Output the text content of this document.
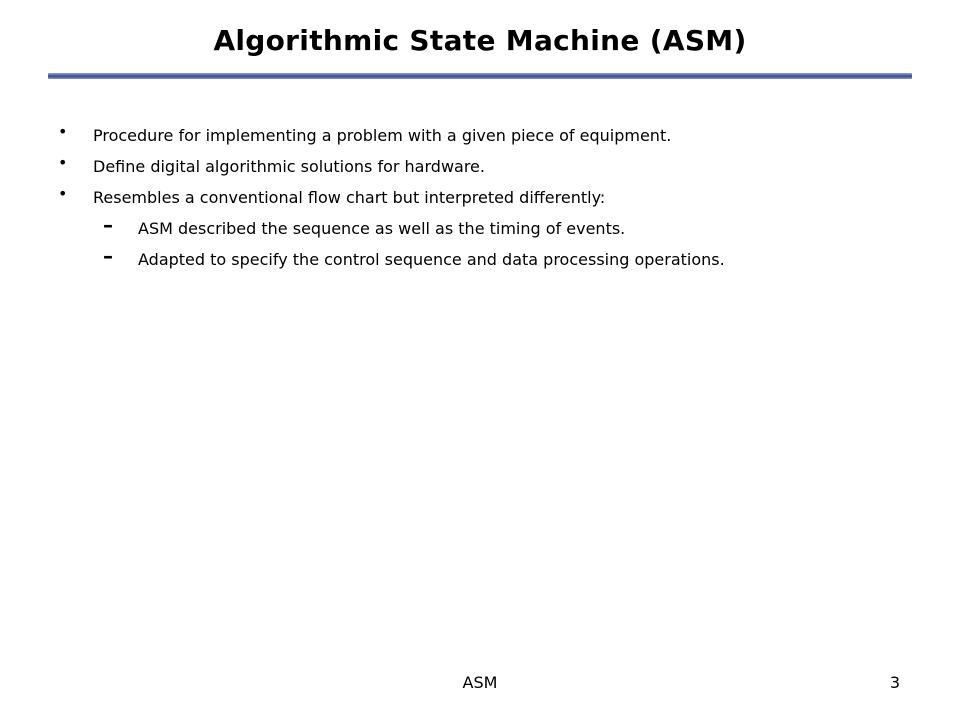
Algorithmic State Machine (ASM)
• Procedure for implementing a problem with a given piece of equipment.
• Define digital algorithmic solutions for hardware.
• Resembles a conventional flow chart but interpreted differently:
– ASM described the sequence as well as the timing of events.
– Adapted to specify the control sequence and data processing operations.
ASM	3
